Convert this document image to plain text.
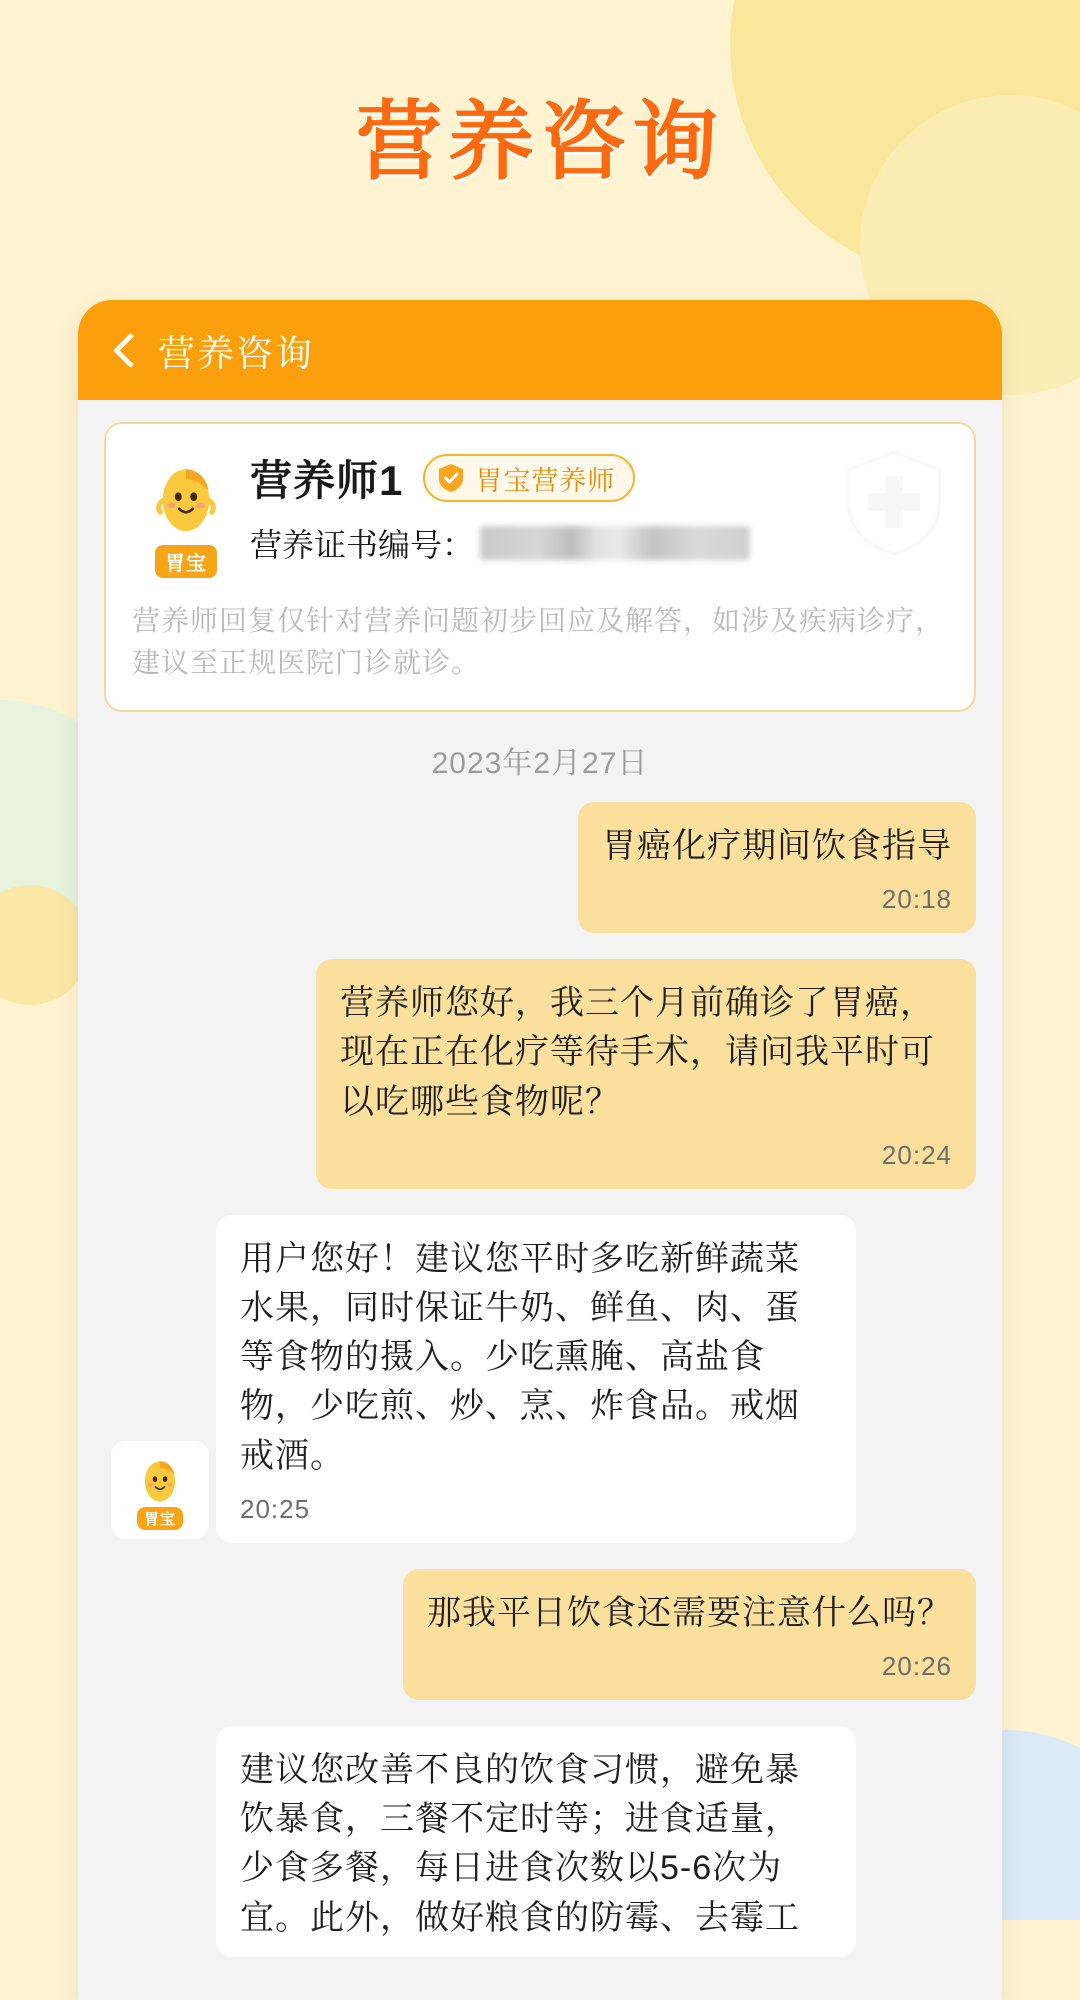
营养咨询
营养咨询
胃宝
营养师1	胃宝营养师
营养证书编号：
营养师回复仅针对营养问题初步回应及解答，如涉及疾病诊疗，建议至正规医院门诊就诊。
2023年2月27日
胃癌化疗期间饮食指导
20:18
营养师您好，我三个月前确诊了胃癌，现在正在化疗等待手术，请问我平时可以吃哪些食物呢？
20:24
胃宝
用户您好！建议您平时多吃新鲜蔬菜水果，同时保证牛奶、鲜鱼、肉、蛋等食物的摄入。少吃熏腌、高盐食物，少吃煎、炒、烹、炸食品。戒烟戒酒。
20:25
那我平日饮食还需要注意什么吗？
20:26
建议您改善不良的饮食习惯，避免暴饮暴食，三餐不定时等；进食适量，少食多餐，每日进食次数以5-6次为宜。此外，做好粮食的防霉、去霉工
